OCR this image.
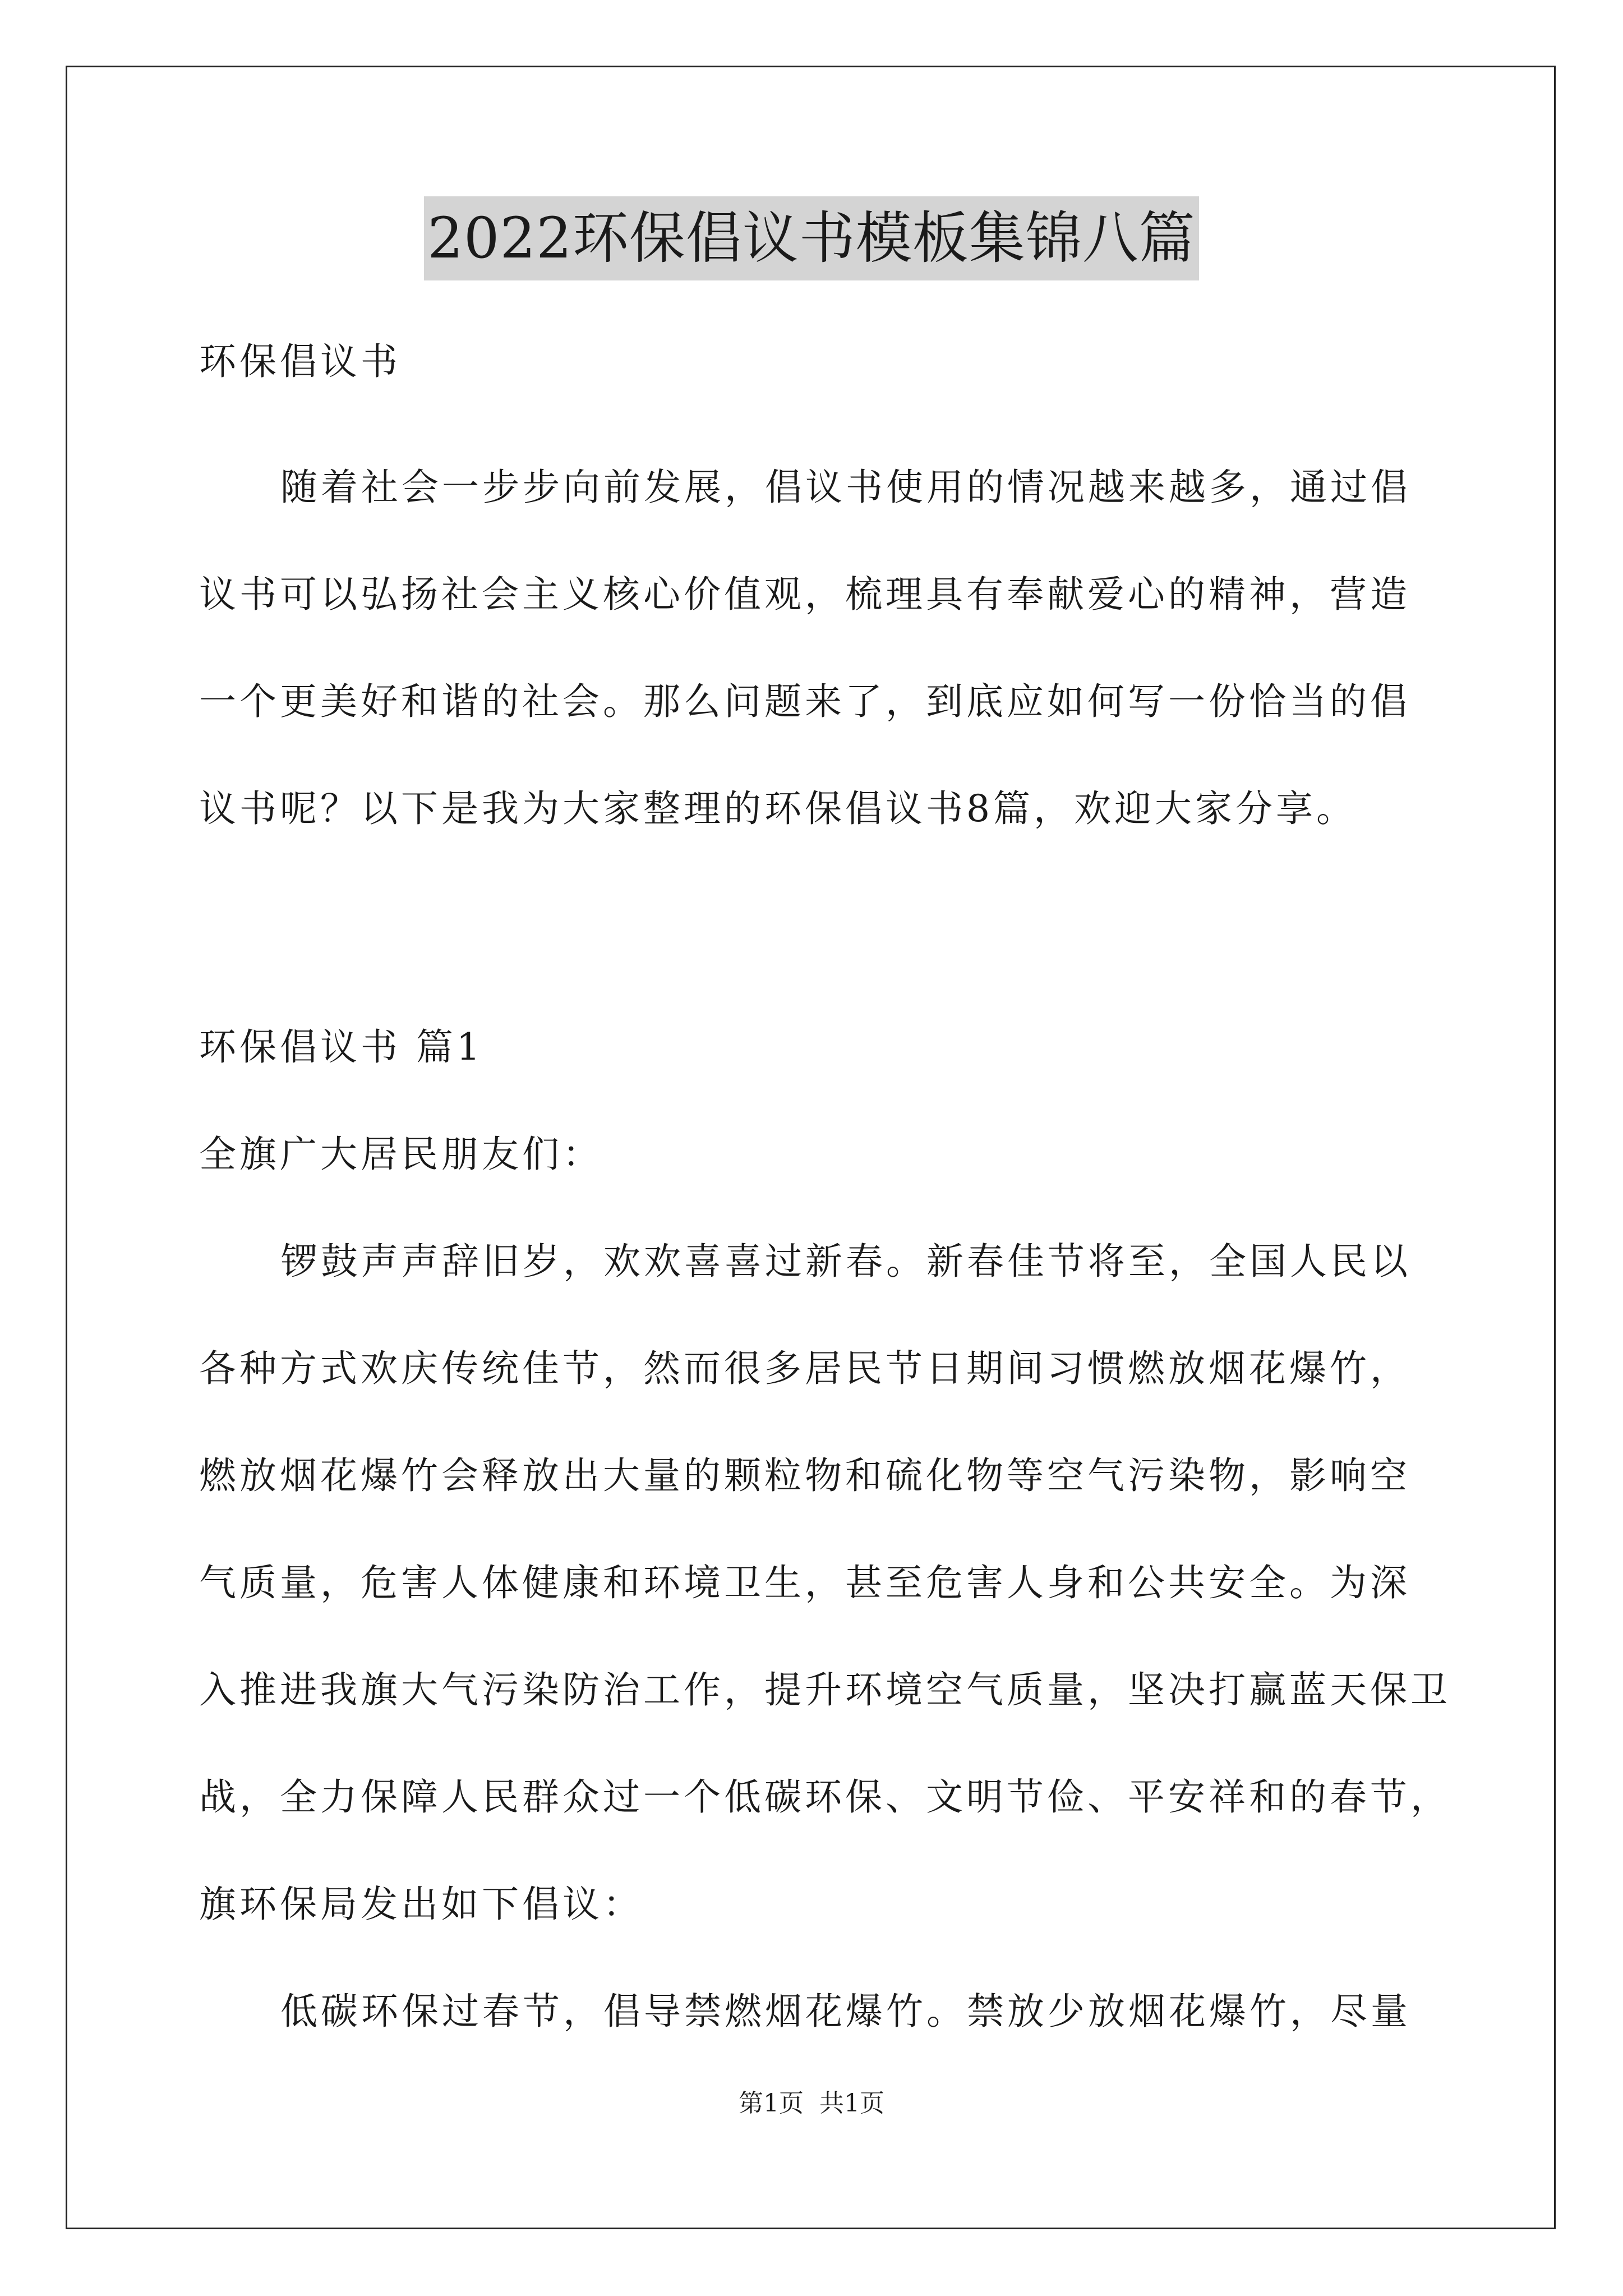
2022环保倡议书模板集锦八篇
环保倡议书
随着社会一步步向前发展，倡议书使用的情况越来越多，通过倡
议书可以弘扬社会主义核心价值观，梳理具有奉献爱心的精神，营造
一个更美好和谐的社会。那么问题来了，到底应如何写一份恰当的倡
议书呢？以下是我为大家整理的环保倡议书8篇，欢迎大家分享。
环保倡议书 篇1
全旗广大居民朋友们：
锣鼓声声辞旧岁，欢欢喜喜过新春。新春佳节将至，全国人民以
各种方式欢庆传统佳节，然而很多居民节日期间习惯燃放烟花爆竹，
燃放烟花爆竹会释放出大量的颗粒物和硫化物等空气污染物，影响空
气质量，危害人体健康和环境卫生，甚至危害人身和公共安全。为深
入推进我旗大气污染防治工作，提升环境空气质量，坚决打赢蓝天保卫
战，全力保障人民群众过一个低碳环保、文明节俭、平安祥和的春节，
旗环保局发出如下倡议：
低碳环保过春节，倡导禁燃烟花爆竹。禁放少放烟花爆竹，尽量
第1页 共1页
